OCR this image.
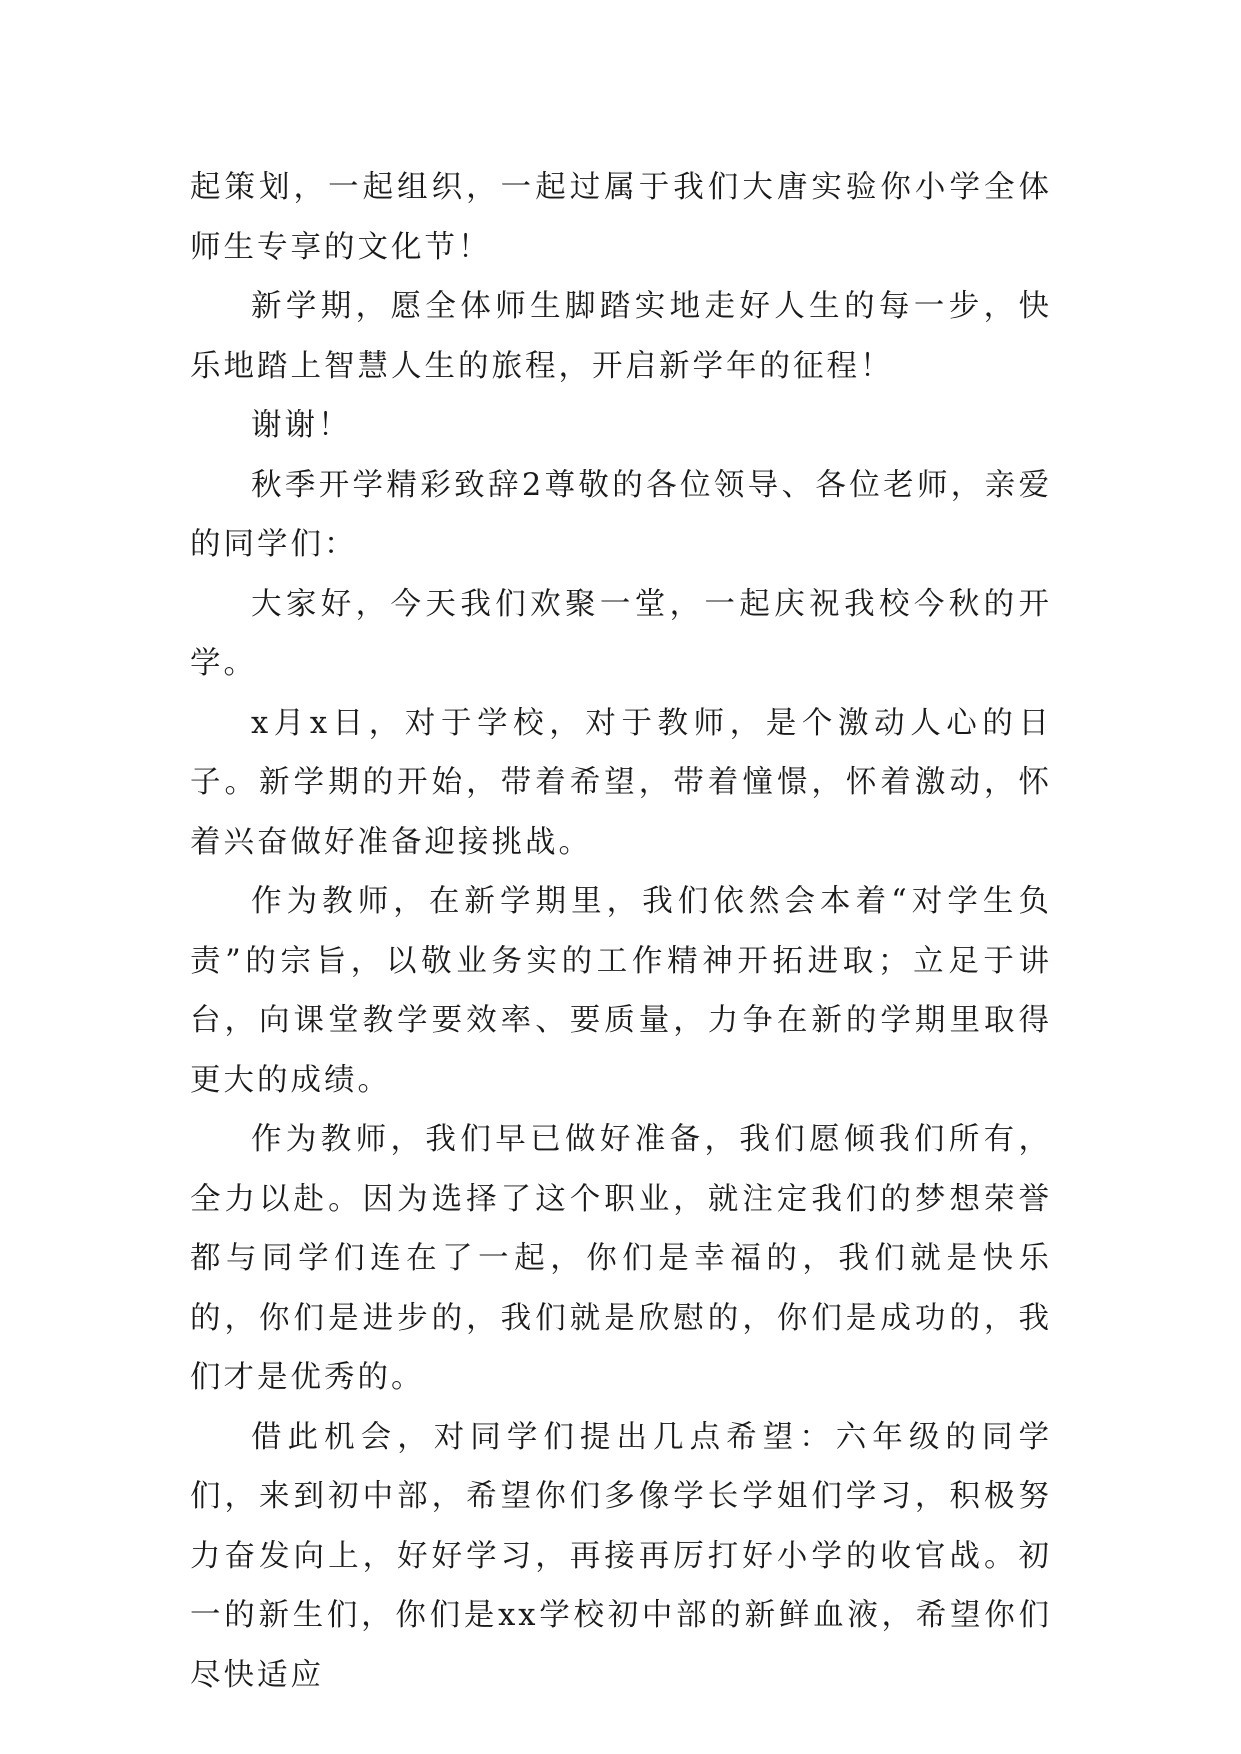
起策划，一起组织，一起过属于我们大唐实验你小学全体师生专享的文化节！

新学期，愿全体师生脚踏实地走好人生的每一步，快乐地踏上智慧人生的旅程，开启新学年的征程！

谢谢！

秋季开学精彩致辞2尊敬的各位领导、各位老师，亲爱的同学们：

大家好，今天我们欢聚一堂，一起庆祝我校今秋的开学。

x月x日，对于学校，对于教师，是个激动人心的日子。新学期的开始，带着希望，带着憧憬，怀着激动，怀着兴奋做好准备迎接挑战。

作为教师，在新学期里，我们依然会本着“对学生负责”的宗旨，以敬业务实的工作精神开拓进取；立足于讲台，向课堂教学要效率、要质量，力争在新的学期里取得更大的成绩。

作为教师，我们早已做好准备，我们愿倾我们所有，全力以赴。因为选择了这个职业，就注定我们的梦想荣誉都与同学们连在了一起，你们是幸福的，我们就是快乐的，你们是进步的，我们就是欣慰的，你们是成功的，我们才是优秀的。

借此机会，对同学们提出几点希望：六年级的同学们，来到初中部，希望你们多像学长学姐们学习，积极努力奋发向上，好好学习，再接再厉打好小学的收官战。初一的新生们，你们是xx学校初中部的新鲜血液，希望你们尽快适应
